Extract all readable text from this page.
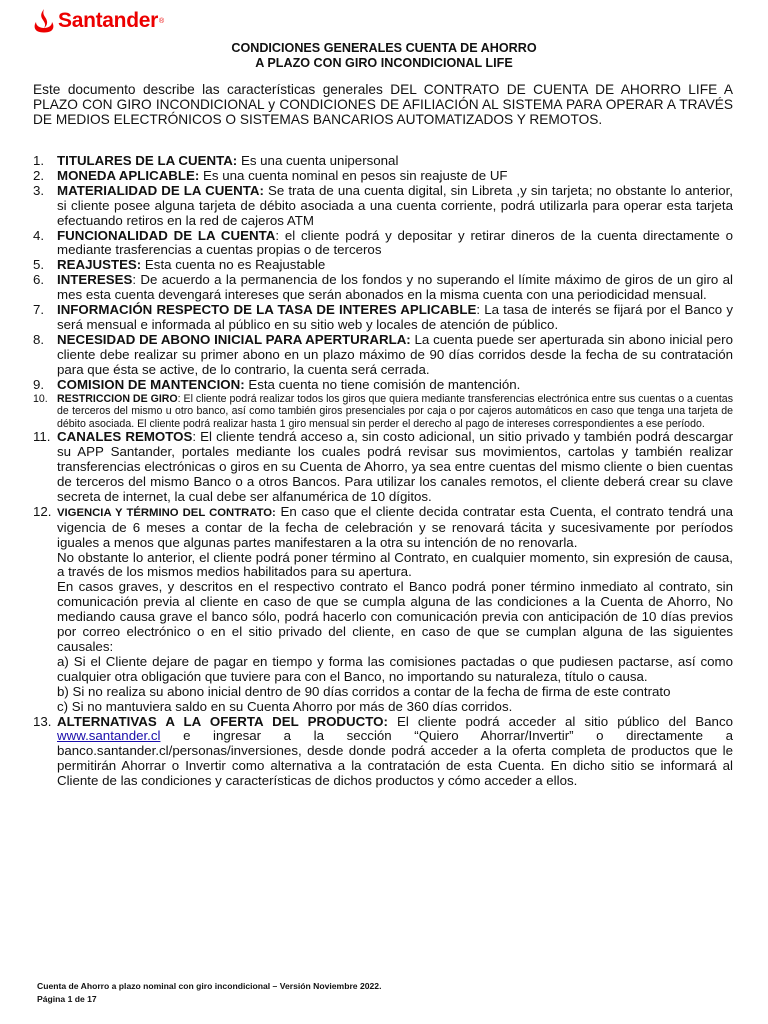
Santander ®
CONDICIONES GENERALES CUENTA DE AHORRO
A PLAZO CON GIRO INCONDICIONAL LIFE
Este documento describe las características generales DEL CONTRATO DE CUENTA DE AHORRO LIFE A PLAZO CON GIRO INCONDICIONAL y CONDICIONES DE AFILIACIÓN AL SISTEMA PARA OPERAR A TRAVÉS DE MEDIOS ELECTRÓNICOS O SISTEMAS BANCARIOS AUTOMATIZADOS Y REMOTOS.
1. TITULARES DE LA CUENTA: Es una cuenta unipersonal
2. MONEDA APLICABLE: Es una cuenta nominal en pesos sin reajuste de UF
3. MATERIALIDAD DE LA CUENTA: Se trata de una cuenta digital, sin Libreta ,y sin tarjeta; no obstante lo anterior, si cliente posee alguna tarjeta de débito asociada a una cuenta corriente, podrá utilizarla para operar esta tarjeta efectuando retiros en la red de cajeros ATM
4. FUNCIONALIDAD DE LA CUENTA: el cliente podrá y depositar y retirar dineros de la cuenta directamente o mediante trasferencias a cuentas propias o de terceros
5. REAJUSTES: Esta cuenta no es Reajustable
6. INTERESES: De acuerdo a la permanencia de los fondos y no superando el límite máximo de giros de un giro al mes esta cuenta devengará intereses que serán abonados en la misma cuenta con una periodicidad mensual.
7. INFORMACIÓN RESPECTO DE LA TASA DE INTERES APLICABLE: La tasa de interés se fijará por el Banco y será mensual e informada al público en su sitio web y locales de atención de público.
8. NECESIDAD DE ABONO INICIAL PARA APERTURARLA: La cuenta puede ser aperturada sin abono inicial pero cliente debe realizar su primer abono en un plazo máximo de 90 días corridos desde la fecha de su contratación para que ésta se active, de lo contrario, la cuenta será cerrada.
9. COMISION DE MANTENCION: Esta cuenta no tiene comisión de mantención.
10. RESTRICCION DE GIRO: El cliente podrá realizar todos los giros que quiera mediante transferencias electrónica entre sus cuentas o a cuentas de terceros del mismo u otro banco, así como también giros presenciales por caja o por cajeros automáticos en caso que tenga una tarjeta de débito asociada. El cliente podrá realizar hasta 1 giro mensual sin perder el derecho al pago de intereses correspondientes a ese período.
11. CANALES REMOTOS: El cliente tendrá acceso a, sin costo adicional, un sitio privado y también podrá descargar su APP Santander, portales mediante los cuales podrá revisar sus movimientos, cartolas y también realizar transferencias electrónicas o giros en su Cuenta de Ahorro, ya sea entre cuentas del mismo cliente o bien cuentas de terceros del mismo Banco o a otros Bancos. Para utilizar los canales remotos, el cliente deberá crear su clave secreta de internet, la cual debe ser alfanumérica de 10 dígitos.
12. VIGENCIA Y TÉRMINO DEL CONTRATO: En caso que el cliente decida contratar esta Cuenta, el contrato tendrá una vigencia de 6 meses a contar de la fecha de celebración y se renovará tácita y sucesivamente por períodos iguales a menos que algunas partes manifestaren a la otra su intención de no renovarla.
No obstante lo anterior, el cliente podrá poner término al Contrato, en cualquier momento, sin expresión de causa, a través de los mismos medios habilitados para su apertura.
En casos graves, y descritos en el respectivo contrato el Banco podrá poner término inmediato al contrato, sin comunicación previa al cliente en caso de que se cumpla alguna de las condiciones a la Cuenta de Ahorro, No mediando causa grave el banco sólo, podrá hacerlo con comunicación previa con anticipación de 10 días previos por correo electrónico o en el sitio privado del cliente, en caso de que se cumplan alguna de las siguientes causales:
a) Si el Cliente dejare de pagar en tiempo y forma las comisiones pactadas o que pudiesen pactarse, así como cualquier otra obligación que tuviere para con el Banco, no importando su naturaleza, título o causa.
b) Si no realiza su abono inicial dentro de 90 días corridos a contar de la fecha de firma de este contrato
c) Si no mantuviera saldo en su Cuenta Ahorro por más de 360 días corridos.
13. ALTERNATIVAS A LA OFERTA DEL PRODUCTO: El cliente podrá acceder al sitio público del Banco www.santander.cl e ingresar a la sección “Quiero Ahorrar/Invertir” o directamente a banco.santander.cl/personas/inversiones, desde donde podrá acceder a la oferta completa de productos que le permitirán Ahorrar o Invertir como alternativa a la contratación de esta Cuenta. En dicho sitio se informará al Cliente de las condiciones y características de dichos productos y cómo acceder a ellos.
Cuenta de Ahorro a plazo nominal con giro incondicional – Versión Noviembre 2022.
Página 1 de 17
